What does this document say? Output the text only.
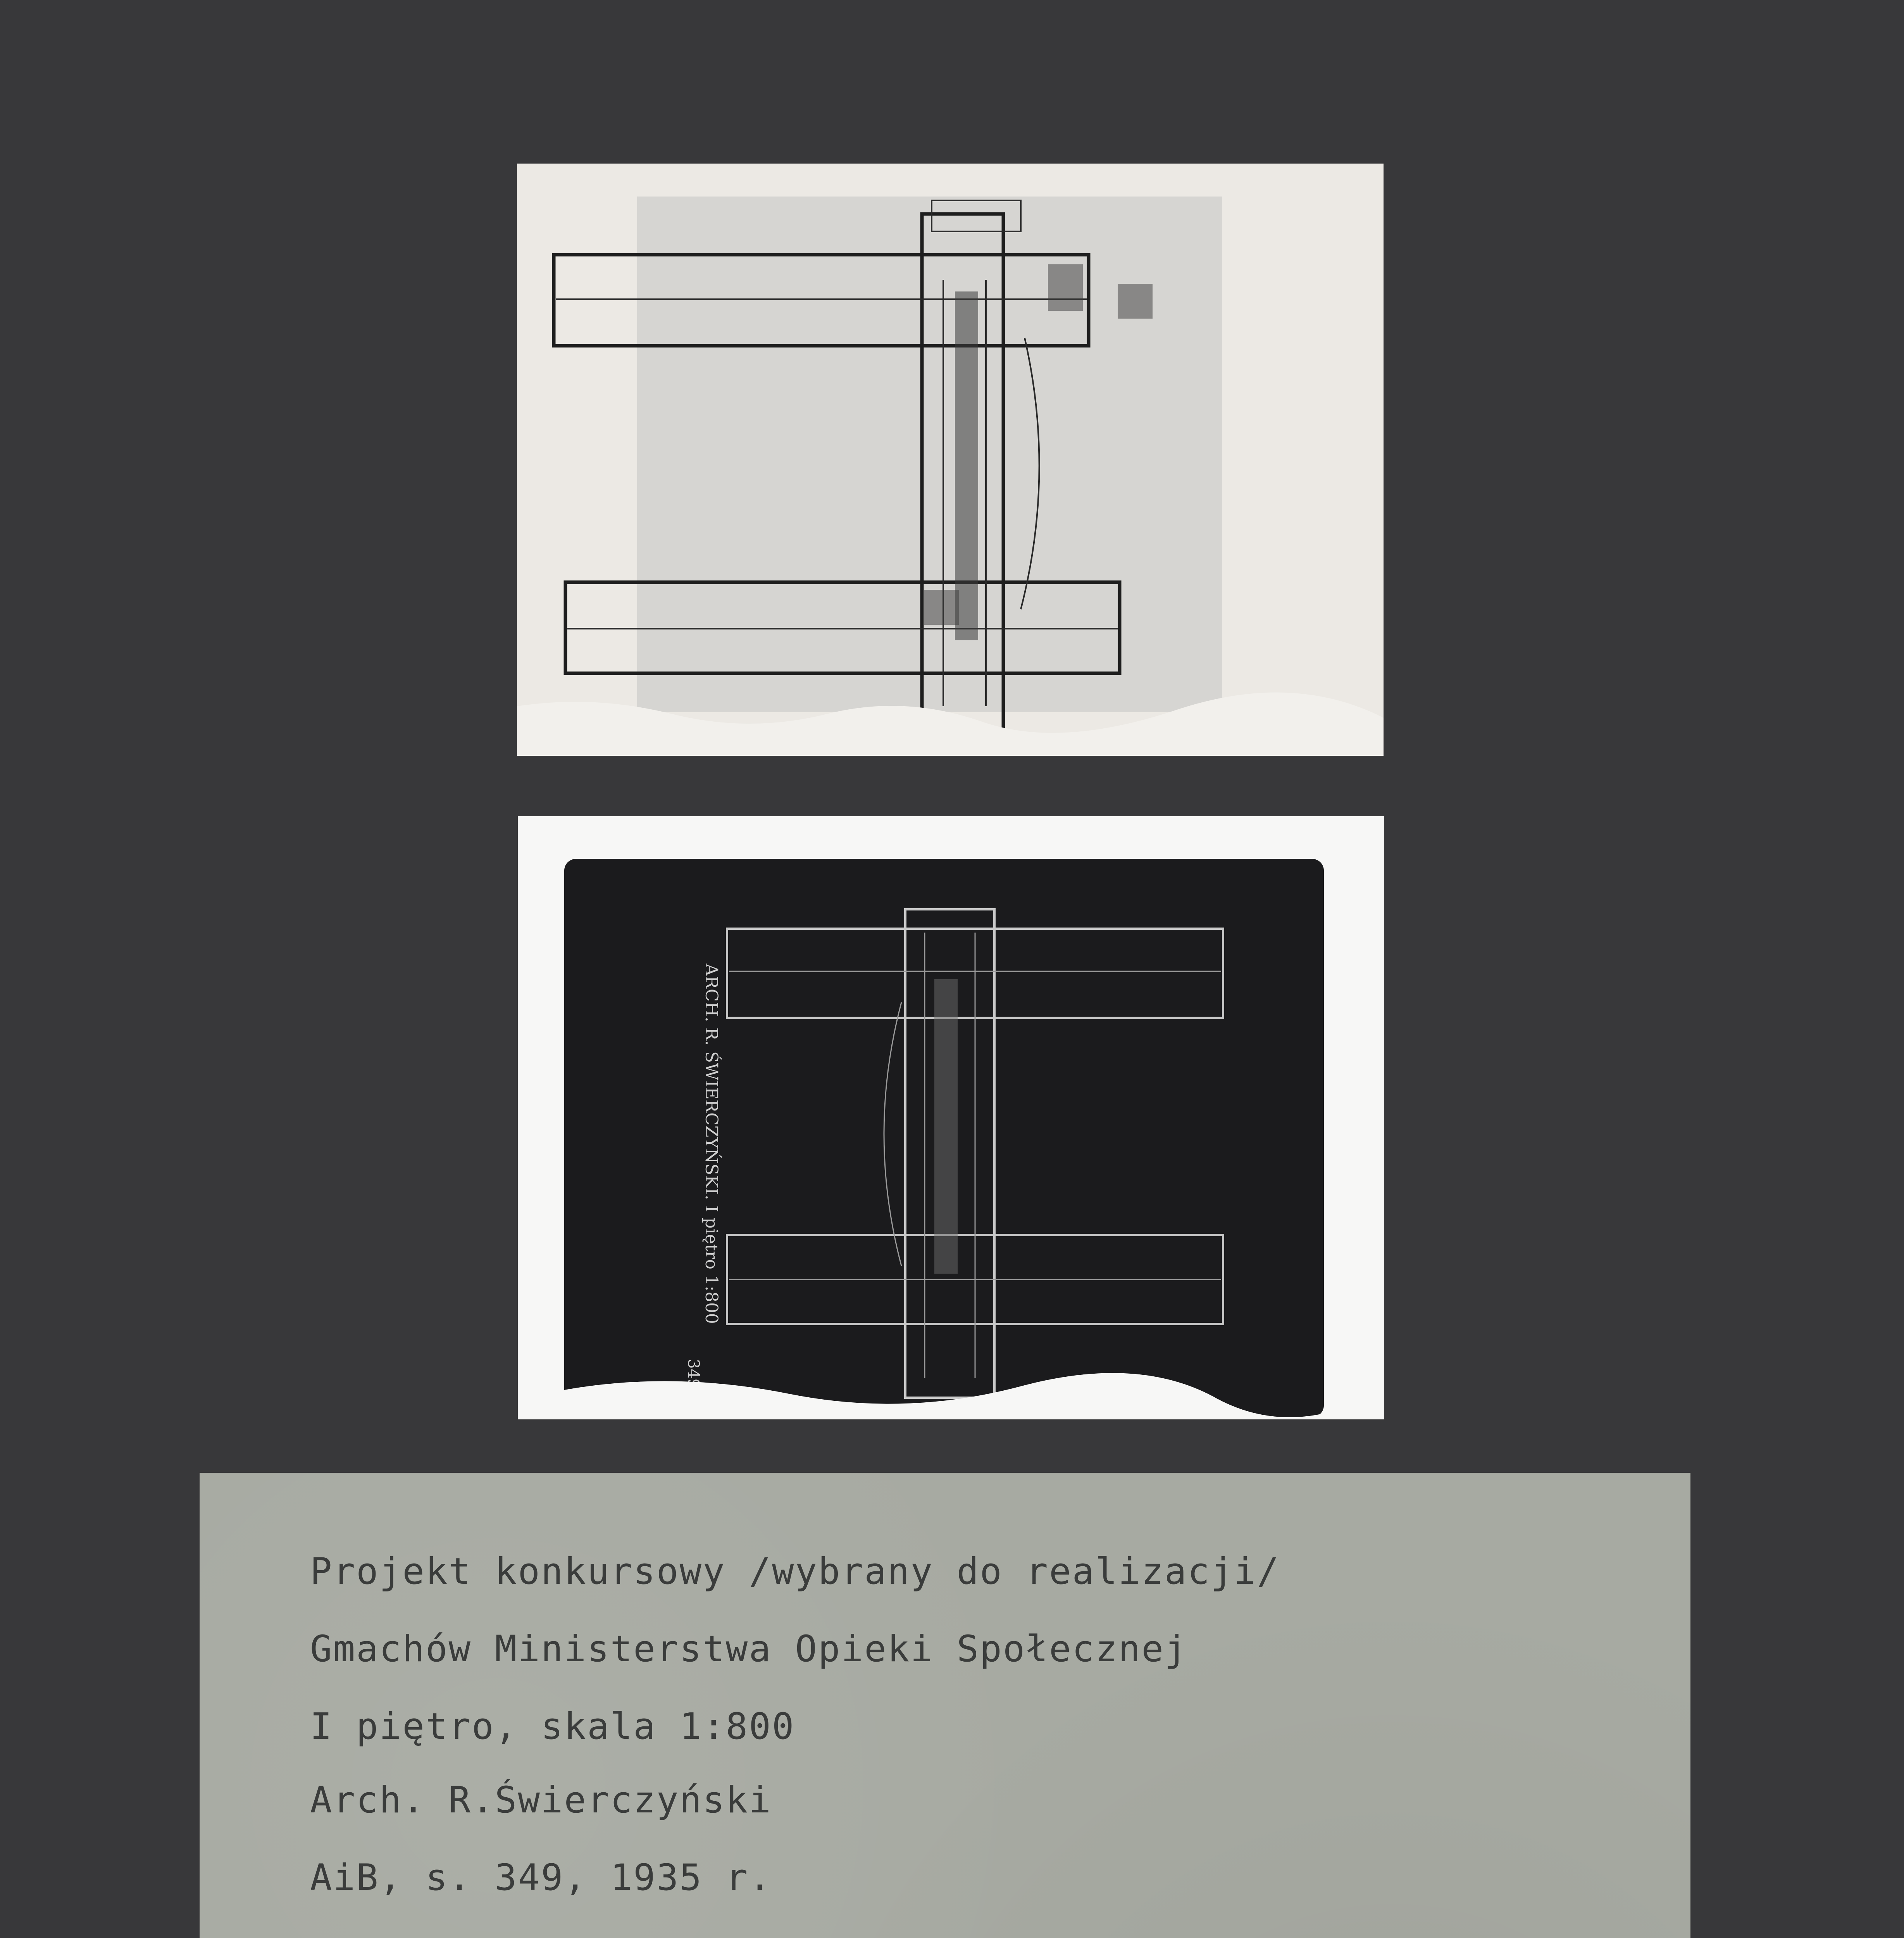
ARCH. R. ŚWIERCZYŃSKI. I piętro 1:800
349
Projekt konkursowy /wybrany do realizacji/
Gmachów Ministerstwa Opieki Społecznej
I piętro, skala 1:800
Arch. R.Świerczyński
AiB, s. 349, 1935 r.
